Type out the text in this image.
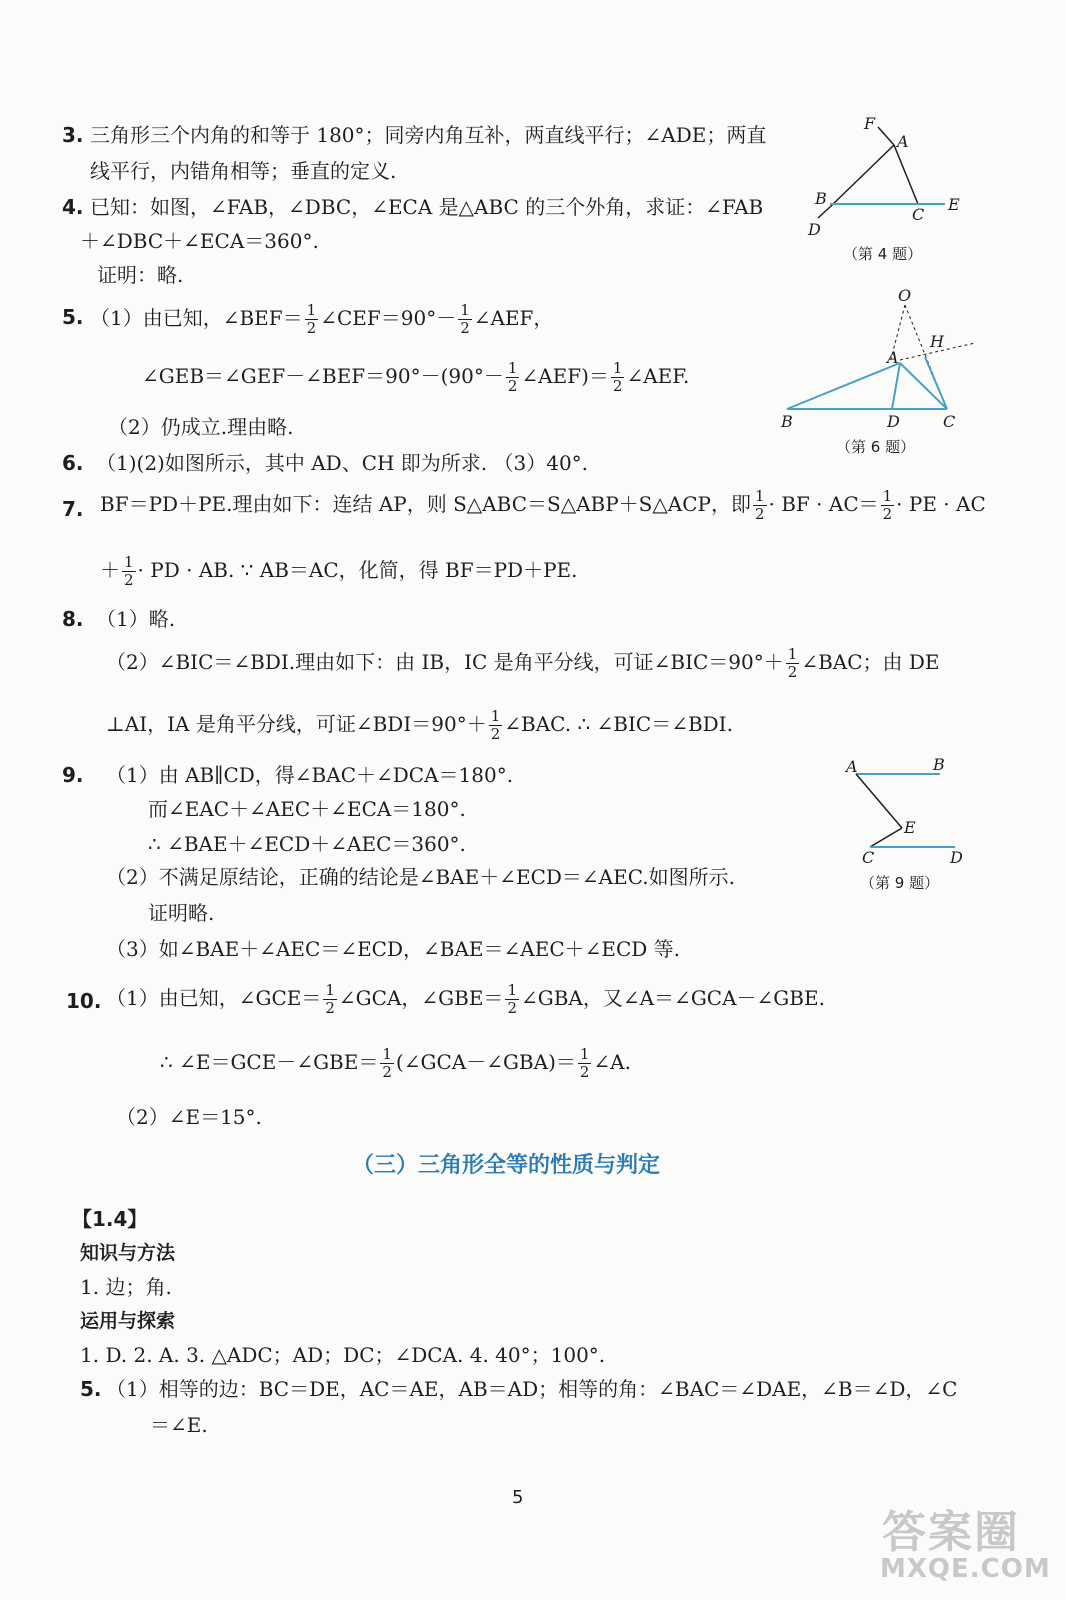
3. 三角形三个内角的和等于 180°；同旁内角互补，两直线平行；∠ADE；两直
线平行，内错角相等；垂直的定义.
4. 已知：如图，∠FAB，∠DBC，∠ECA 是△ABC 的三个外角，求证：∠FAB
＋∠DBC＋∠ECA＝360°.
证明：略.
F
A
B
C
E
D
（第 4 题）
5. （1）由已知，∠BEF＝ $\frac{1}{2}$ ∠CEF＝90°－ $\frac{1}{2}$ ∠AEF，
∠GEB＝∠GEF－∠BEF＝90°－(90°－ $\frac{1}{2}$ ∠AEF)＝ $\frac{1}{2}$ ∠AEF.
（2）仍成立.理由略.
O
A
H
B	D	C
（第 6 题）
6. （1)(2)如图所示，其中 AD、CH 即为所求. （3）40°.
7. BF＝PD＋PE.理由如下：连结 AP，则 S△ABC＝S△ABP＋S△ACP，即 $\frac{1}{2}$ · BF · $AC= \frac{1}{2}$ · PE · AC
＋ $\frac{1}{2}$ · PD · AB. ∵ AB＝AC，化简，得 BF＝PD＋PE.
8. （1）略.
（2）∠BIC＝∠BDI.理由如下：由 IB，IC 是角平分线，可证∠BIC＝90°＋ $\frac{1}{2}$ ∠BAC；由 DE
⊥AI，IA 是角平分线，可证∠BDI＝90°＋ $\frac{1}{2}$ ∠BAC. ∴ ∠BIC＝∠BDI.
9. （1）由 AB∥CD，得∠BAC＋∠DCA＝180°.
而∠EAC＋∠AEC＋∠ECA＝180°.
∴ ∠BAE＋∠ECD＋∠AEC＝360°.
（2）不满足原结论，正确的结论是∠BAE＋∠ECD＝∠AEC.如图所示.
证明略.
（3）如∠BAE＋∠AEC＝∠ECD，∠BAE＝∠AEC＋∠ECD 等.
A	B
E
C	D
（第 9 题）
10. （1）由已知，∠GCE＝ $\frac{1}{2}$ ∠GCA，∠GBE＝ $\frac{1}{2}$ ∠GBA，又∠A＝∠GCA－∠GBE.
∴ ∠E＝GCE－∠GBE＝ $\frac{1}{2}$ (∠GCA－∠GBA)＝ $\frac{1}{2}$ ∠A.
（2）∠E＝15°.
（三）三角形全等的性质与判定
【1.4】
知识与方法
1. 边；角.
运用与探索
1. D. 2. A. 3. △ADC；AD；DC；∠DCA. 4. 40°；100°.
5. （1）相等的边：BC＝DE，AC＝AE，AB＝AD；相等的角：∠BAC＝∠DAE，∠B＝∠D，∠C
＝∠E.
5
答案圈
MXQE.COM
